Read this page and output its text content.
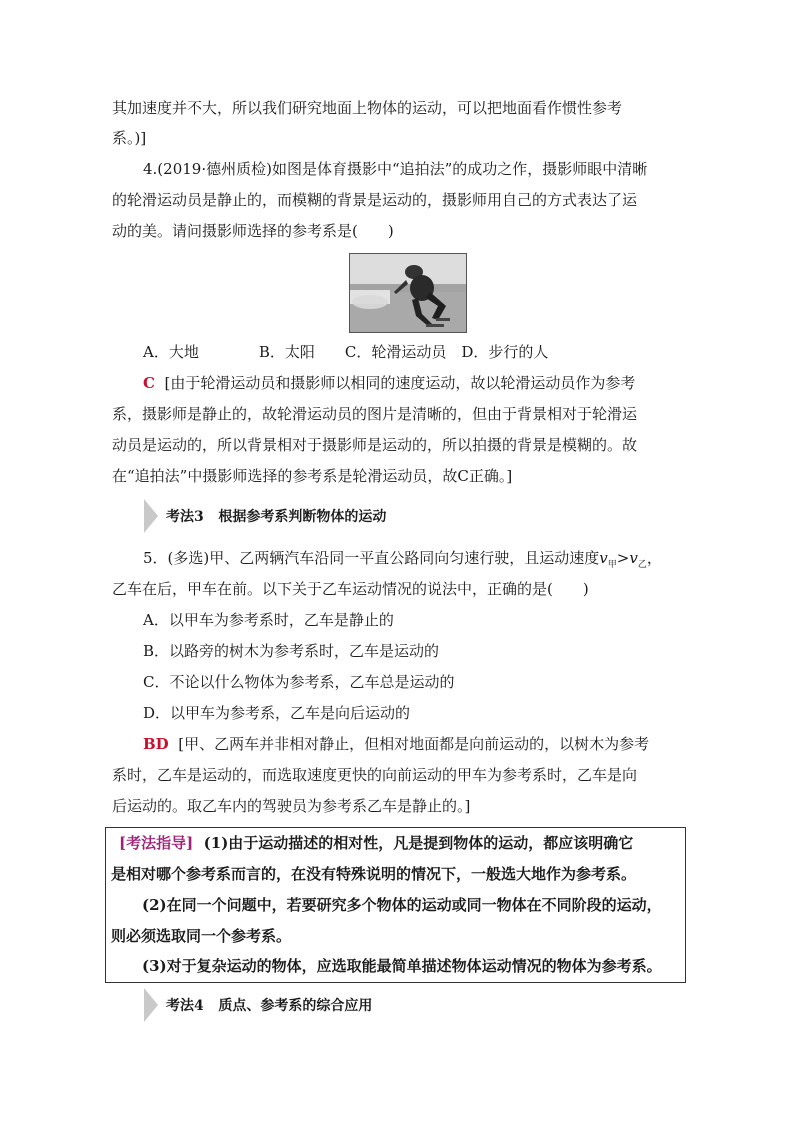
其加速度并不大，所以我们研究地面上物体的运动，可以把地面看作惯性参考
系。)]
4.(2019·德州质检)如图是体育摄影中“追拍法”的成功之作，摄影师眼中清晰
的轮滑运动员是静止的，而模糊的背景是运动的，摄影师用自己的方式表达了运
动的美。请问摄影师选择的参考系是(　　)
A．大地　　　　B．太阳　　C．轮滑运动员　D．步行的人
C [由于轮滑运动员和摄影师以相同的速度运动，故以轮滑运动员作为参考
系，摄影师是静止的，故轮滑运动员的图片是清晰的，但由于背景相对于轮滑运
动员是运动的，所以背景相对于摄影师是运动的，所以拍摄的背景是模糊的。故
在“追拍法”中摄影师选择的参考系是轮滑运动员，故C正确。]
考法3
根据参考系判断物体的运动
5．(多选)甲、乙两辆汽车沿同一平直公路同向匀速行驶，且运动速度$v_甲>v_乙$，
乙车在后，甲车在前。以下关于乙车运动情况的说法中，正确的是(　　)
A．以甲车为参考系时，乙车是静止的
B．以路旁的树木为参考系时，乙车是运动的
C．不论以什么物体为参考系，乙车总是运动的
D．以甲车为参考系，乙车是向后运动的
BD [甲、乙两车并非相对静止，但相对地面都是向前运动的，以树木为参考
系时，乙车是运动的，而选取速度更快的向前运动的甲车为参考系时，乙车是向
后运动的。取乙车内的驾驶员为参考系乙车是静止的。]
[考法指导] (1)由于运动描述的相对性，凡是提到物体的运动，都应该明确它
是相对哪个参考系而言的，在没有特殊说明的情况下，一般选大地作为参考系。
(2)在同一个问题中，若要研究多个物体的运动或同一物体在不同阶段的运动，
则必须选取同一个参考系。
(3)对于复杂运动的物体，应选取能最简单描述物体运动情况的物体为参考系。
考法4
质点、参考系的综合应用
